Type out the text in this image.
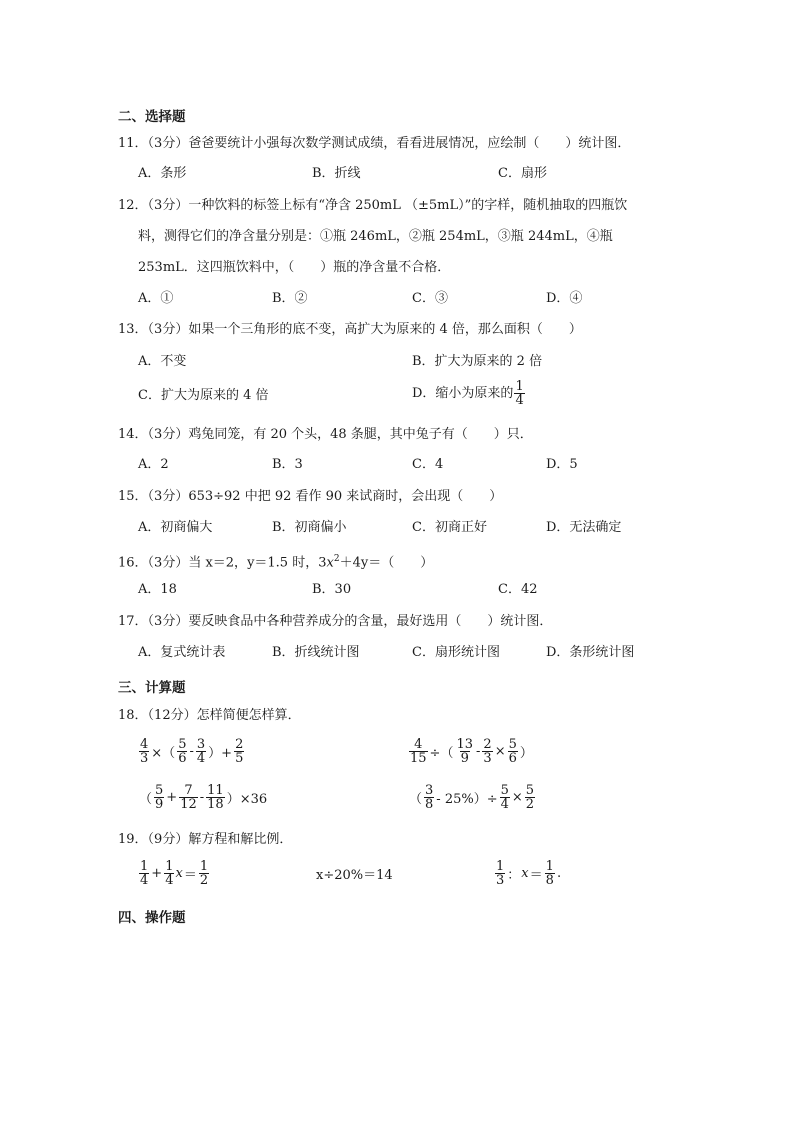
二、选择题
11．（3分）爸爸要统计小强每次数学测试成绩，看看进展情况，应绘制（　　）统计图．
A．条形	B．折线	C．扇形
12．（3分）一种饮料的标签上标有“净含 250mL （±5mL）”的字样，随机抽取的四瓶饮
料，测得它们的净含量分别是：①瓶 246mL，②瓶 254mL，③瓶 244mL，④瓶
253mL．这四瓶饮料中，（　　）瓶的净含量不合格．
A．①	B．②	C．③	D．④
13．（3分）如果一个三角形的底不变，高扩大为原来的 4 倍，那么面积（　　）
A．不变	B．扩大为原来的 2 倍
C．扩大为原来的 4 倍	D．缩小为原来的 $\frac{1}{4}$
14．（3分）鸡兔同笼，有 20 个头，48 条腿，其中兔子有（　　）只．
A．2	B．3	C．4	D．5
15．（3分）653÷92 中把 92 看作 90 来试商时，会出现（　　）
A．初商偏大	B．初商偏小	C．初商正好	D．无法确定
16．（3分）当 x＝2，y＝1.5 时，$3x^2+4y=$（　　）
A．18	B．30	C．42
17．（3分）要反映食品中各种营养成分的含量，最好选用（　　）统计图．
A．复式统计表	B．折线统计图	C．扇形统计图	D．条形统计图
三、计算题
18．（12分）怎样简便怎样算．
$\frac{4}{3}$ ×（ $\frac{5}{6} - \frac{3}{4}$ ）+ $\frac{2}{5}$	$\frac{4}{15}$ ÷（ $\frac{13}{9} - \frac{2}{3} \times \frac{5}{6}$ ）
（ $\frac{5}{9} + \frac{7}{12} - \frac{11}{18} )\times 36$	（ $\frac{3}{8} - 25\%)\div \frac{5}{4} \times \frac{5}{2}$
19．（9分）解方程和解比例．
$\frac{1}{4} + \frac{1}{4}$ $x = \frac{1}{2}$	x÷20%＝14	$\frac{1}{3}$ ： $x = \frac{1}{8}$ .
四、操作题
